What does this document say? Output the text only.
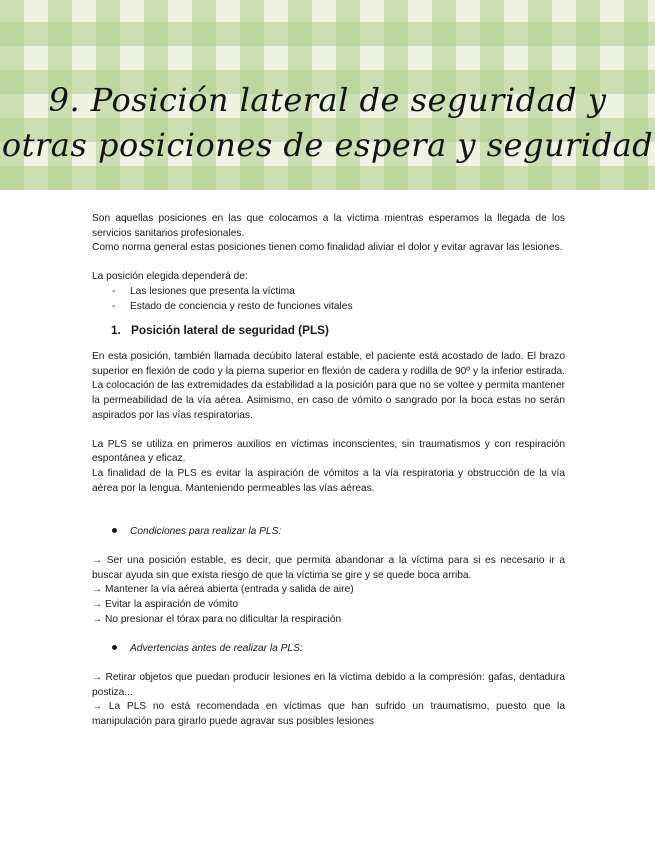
9. Posición lateral de seguridad y
otras posiciones de espera y seguridad

Son aquellas posiciones en las que colocamos a la víctima mientras esperamos la llegada de los servicios sanitarios profesionales.

Como norma general estas posiciones tienen como finalidad aliviar el dolor y evitar agravar las lesiones.

La posición elegida dependerá de:

- Las lesiones que presenta la víctima
- Estado de conciencia y resto de funciones vitales
1. Posición lateral de seguridad (PLS)

En esta posición, también llamada decúbito lateral estable, el paciente está acostado de lado. El brazo superior en flexión de codo y la pierna superior en flexión de cadera y rodilla de 90º y la inferior estirada. La colocación de las extremidades da estabilidad a la posición para que no se voltee y permita mantener la permeabilidad de la vía aérea. Asimismo, en caso de vómito o sangrado por la boca estas no serán aspirados por las vías respiratorias.

La PLS se utiliza en primeros auxilios en víctimas inconscientes, sin traumatismos y con respiración espontánea y eficaz.

La finalidad de la PLS es evitar la aspiración de vómitos a la vía respiratoria y obstrucción de la vía aérea por la lengua. Manteniendo permeables las vías aéreas.

Condiciones para realizar la PLS:

→ Ser una posición estable, es decir, que permita abandonar a la víctima para si es necesario ir a buscar ayuda sin que exista riesgo de que la víctima se gire y se quede boca arriba.

→ Mantener la vía aérea abierta (entrada y salida de aire)

→ Evitar la aspiración de vómito

→ No presionar el tórax para no dificultar la respiración

Advertencias antes de realizar la PLS:

→ Retirar objetos que puedan producir lesiones en la víctima debido a la compresión: gafas, dentadura postiza...

→ La PLS no está recomendada en víctimas que han sufrido un traumatismo, puesto que la manipulación para girarlo puede agravar sus posibles lesiones
